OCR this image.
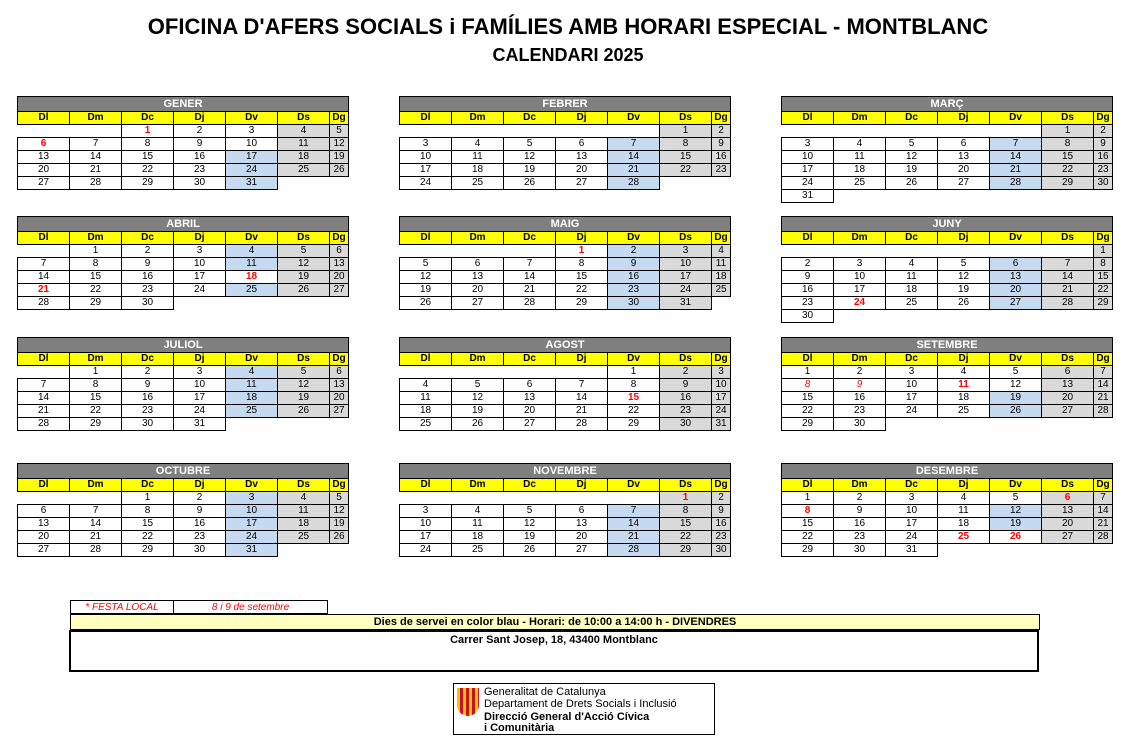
OFICINA D'AFERS SOCIALS i FAMÍLIES AMB HORARI ESPECIAL - MONTBLANC
CALENDARI 2025
GENER						
Dl	Dm	Dc	Dj	Dv	Ds	Dg
		1	2	3	4	5
6	7	8	9	10	11	12
13	14	15	16	17	18	19
20	21	22	23	24	25	26
27	28	29	30	31		
FEBRER						
Dl	Dm	Dc	Dj	Dv	Ds	Dg
					1	2
3	4	5	6	7	8	9
10	11	12	13	14	15	16
17	18	19	20	21	22	23
24	25	26	27	28		
MARÇ						
Dl	Dm	Dc	Dj	Dv	Ds	Dg
					1	2
3	4	5	6	7	8	9
10	11	12	13	14	15	16
17	18	19	20	21	22	23
24	25	26	27	28	29	30
31						
ABRIL						
Dl	Dm	Dc	Dj	Dv	Ds	Dg
	1	2	3	4	5	6
7	8	9	10	11	12	13
14	15	16	17	18	19	20
21	22	23	24	25	26	27
28	29	30				
MAIG						
Dl	Dm	Dc	Dj	Dv	Ds	Dg
			1	2	3	4
5	6	7	8	9	10	11
12	13	14	15	16	17	18
19	20	21	22	23	24	25
26	27	28	29	30	31	
JUNY						
Dl	Dm	Dc	Dj	Dv	Ds	Dg
						1
2	3	4	5	6	7	8
9	10	11	12	13	14	15
16	17	18	19	20	21	22
23	24	25	26	27	28	29
30						
JULIOL						
Dl	Dm	Dc	Dj	Dv	Ds	Dg
	1	2	3	4	5	6
7	8	9	10	11	12	13
14	15	16	17	18	19	20
21	22	23	24	25	26	27
28	29	30	31			
AGOST						
Dl	Dm	Dc	Dj	Dv	Ds	Dg
				1	2	3
4	5	6	7	8	9	10
11	12	13	14	15	16	17
18	19	20	21	22	23	24
25	26	27	28	29	30	31
SETEMBRE						
Dl	Dm	Dc	Dj	Dv	Ds	Dg
1	2	3	4	5	6	7
8	9	10	11	12	13	14
15	16	17	18	19	20	21
22	23	24	25	26	27	28
29	30					
OCTUBRE						
Dl	Dm	Dc	Dj	Dv	Ds	Dg
		1	2	3	4	5
6	7	8	9	10	11	12
13	14	15	16	17	18	19
20	21	22	23	24	25	26
27	28	29	30	31		
NOVEMBRE						
Dl	Dm	Dc	Dj	Dv	Ds	Dg
					1	2
3	4	5	6	7	8	9
10	11	12	13	14	15	16
17	18	19	20	21	22	23
24	25	26	27	28	29	30
DESEMBRE						
Dl	Dm	Dc	Dj	Dv	Ds	Dg
1	2	3	4	5	6	7
8	9	10	11	12	13	14
15	16	17	18	19	20	21
22	23	24	25	26	27	28
29	30	31				
* FESTA LOCAL	8 i 9 de setembre
Dies de servei en color blau - Horari: de 10:00 a 14:00 h - DIVENDRES
Carrer Sant Josep, 18, 43400 Montblanc
Generalitat de Catalunya
Departament de Drets Socials i Inclusió
Direcció General d'Acció Cívica
i Comunitària
